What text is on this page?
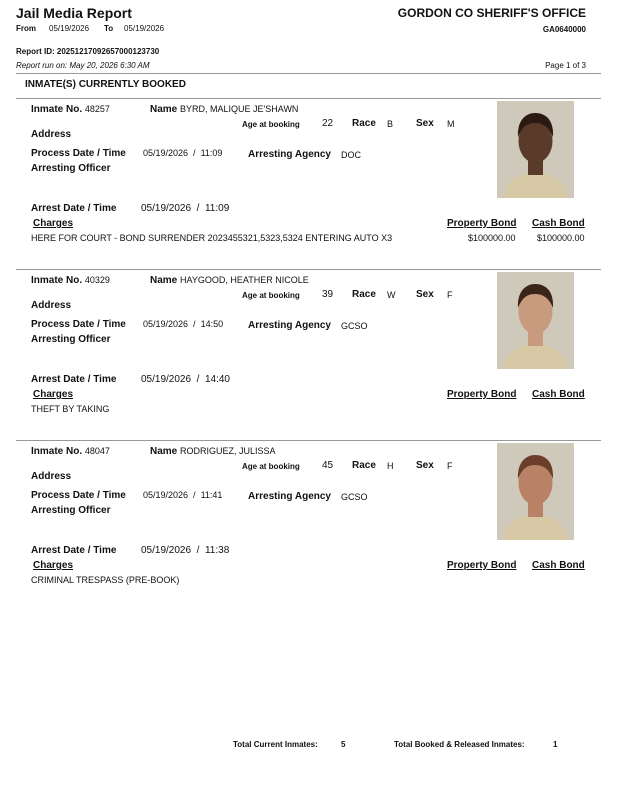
Jail Media Report
From 05/19/2026 To 05/19/2026
GORDON CO SHERIFF'S OFFICE
GA0640000
Report ID: 20251217092657000123730
Report run on: May 20, 2026 6:30 AM	Page 1 of 3
INMATE(S) CURRENTLY BOOKED
Inmate No. 48257	Name BYRD, MALIQUE JE'SHAWN
Age at booking 22 Race B Sex M
Address
Process Date / Time 05/19/2026  /  11:09	Arresting Agency DOC
Arresting Officer
Arrest Date / Time 05/19/2026  /  11:09
Charges	Property Bond Cash Bond
HERE FOR COURT - BOND SURRENDER 2023455321,5323,5324 ENTERING AUTO X3	$100000.00 $100000.00
Inmate No. 40329	Name HAYGOOD, HEATHER NICOLE
Age at booking 39 Race W Sex F
Address
Process Date / Time 05/19/2026  /  14:50 Arresting Agency GCSO
Arresting Officer
Arrest Date / Time 05/19/2026  /  14:40
Charges	Property Bond Cash Bond
THEFT BY TAKING
Inmate No. 48047	Name RODRIGUEZ, JULISSA
Age at booking 45 Race H Sex F
Address
Process Date / Time 05/19/2026  /  11:41	Arresting Agency GCSO
Arresting Officer
Arrest Date / Time 05/19/2026  /  11:38
Charges	Property Bond Cash Bond
CRIMINAL TRESPASS (PRE-BOOK)
Total Current Inmates:	5	Total Booked & Released Inmates:	1
